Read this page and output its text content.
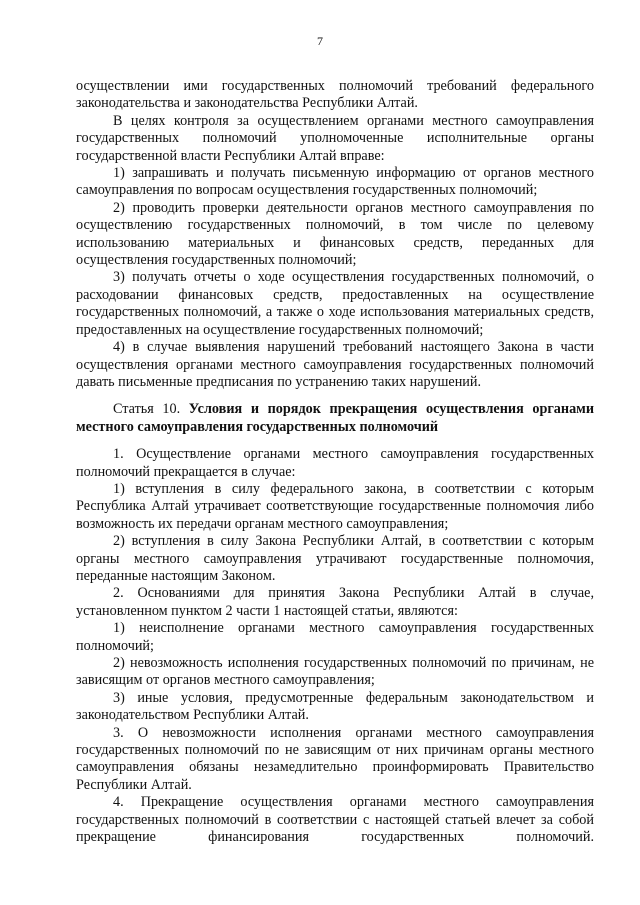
7

осуществлении ими государственных полномочий требований федерального законодательства и законодательства Республики Алтай.

В целях контроля за осуществлением органами местного самоуправления государственных полномочий уполномоченные исполнительные органы государственной власти Республики Алтай вправе:

1) запрашивать и получать письменную информацию от органов местного самоуправления по вопросам осуществления государственных полномочий;

2) проводить проверки деятельности органов местного самоуправления по осуществлению государственных полномочий, в том числе по целевому использованию материальных и финансовых средств, переданных для осуществления государственных полномочий;

3) получать отчеты о ходе осуществления государственных полномочий, о расходовании финансовых средств, предоставленных на осуществление государственных полномочий, а также о ходе использования материальных средств, предоставленных на осуществление государственных полномочий;

4) в случае выявления нарушений требований настоящего Закона в части осуществления органами местного самоуправления государственных полномочий давать письменные предписания по устранению таких нарушений.

Статья 10. Условия и порядок прекращения осуществления органами местного самоуправления государственных полномочий

1. Осуществление органами местного самоуправления государственных полномочий прекращается в случае:

1) вступления в силу федерального закона, в соответствии с которым Республика Алтай утрачивает соответствующие государственные полномочия либо возможность их передачи органам местного самоуправления;

2) вступления в силу Закона Республики Алтай, в соответствии с которым органы местного самоуправления утрачивают государственные полномочия, переданные настоящим Законом.

2. Основаниями для принятия Закона Республики Алтай в случае, установленном пунктом 2 части 1 настоящей статьи, являются:

1) неисполнение органами местного самоуправления государственных полномочий;

2) невозможность исполнения государственных полномочий по причинам, не зависящим от органов местного самоуправления;

3) иные условия, предусмотренные федеральным законодательством и законодательством Республики Алтай.

3. О невозможности исполнения органами местного самоуправления государственных полномочий по не зависящим от них причинам органы местного самоуправления обязаны незамедлительно проинформировать Правительство Республики Алтай.

4. Прекращение осуществления органами местного самоуправления государственных полномочий в соответствии с настоящей статьей влечет за собой прекращение финансирования государственных полномочий.
